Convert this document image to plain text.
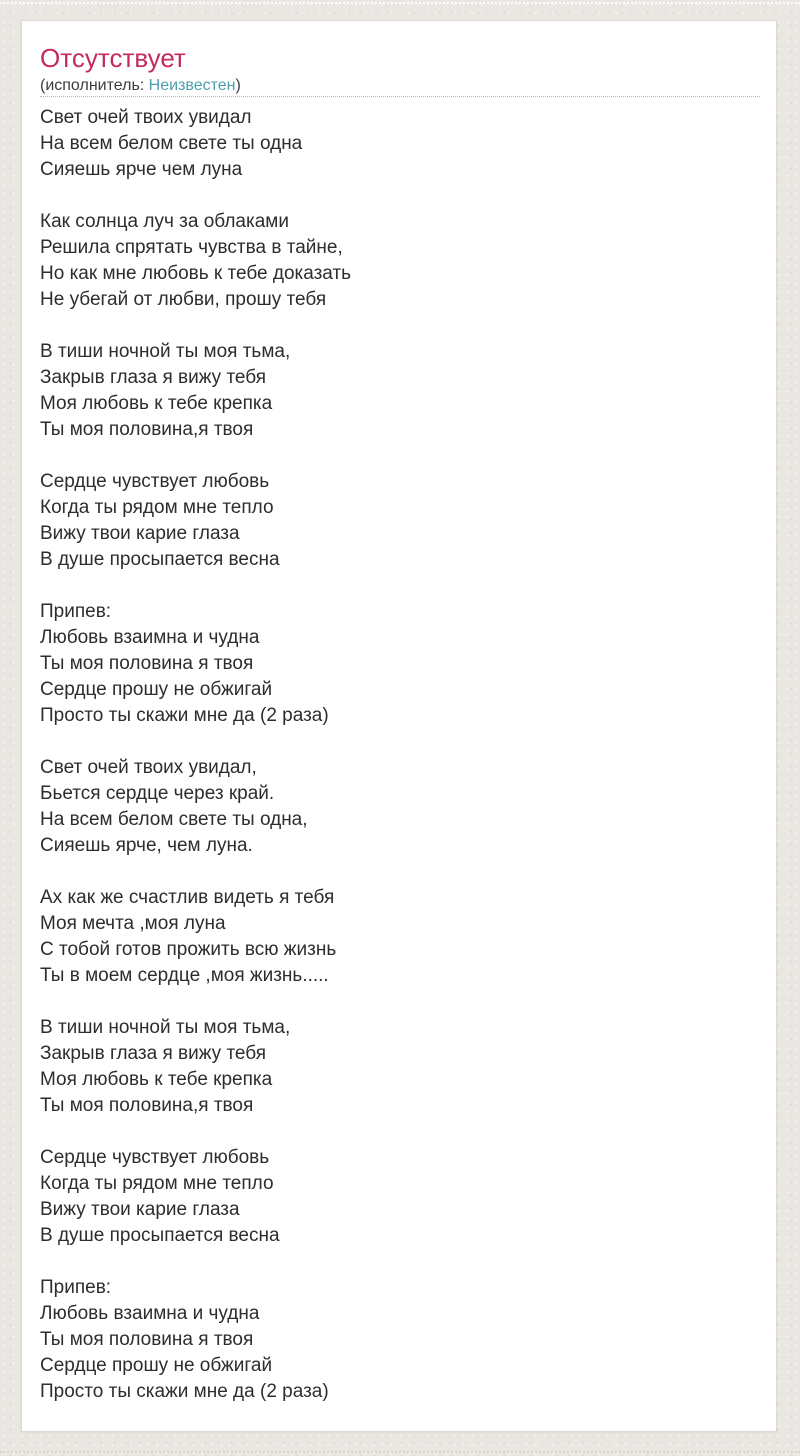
Отсутствует
(исполнитель: Неизвестен)

Свет очей твоих увидал
На всем белом свете ты одна
Сияешь ярче чем луна

Как солнца луч за облаками
Решила спрятать чувства в тайне,
Но как мне любовь к тебе доказать
Не убегай от любви, прошу тебя

В тиши ночной ты моя тьма,
Закрыв глаза я вижу тебя
Моя любовь к тебе крепка
Ты моя половина,я твоя

Сердце чувствует любовь
Когда ты рядом мне тепло
Вижу твои карие глаза
В душе просыпается весна

Припев:
Любовь взаимна и чудна
Ты моя половина я твоя
Сердце прошу не обжигай
Просто ты скажи мне да (2 раза)

Свет очей твоих увидал,
Бьется сердце через край.
На всем белом свете ты одна,
Сияешь ярче, чем луна.

Ах как же счастлив видеть я тебя
Моя мечта ,моя луна
С тобой готов прожить всю жизнь
Ты в моем сердце ,моя жизнь.....

В тиши ночной ты моя тьма,
Закрыв глаза я вижу тебя
Моя любовь к тебе крепка
Ты моя половина,я твоя

Сердце чувствует любовь
Когда ты рядом мне тепло
Вижу твои карие глаза
В душе просыпается весна

Припев:
Любовь взаимна и чудна
Ты моя половина я твоя
Сердце прошу не обжигай
Просто ты скажи мне да (2 раза)
